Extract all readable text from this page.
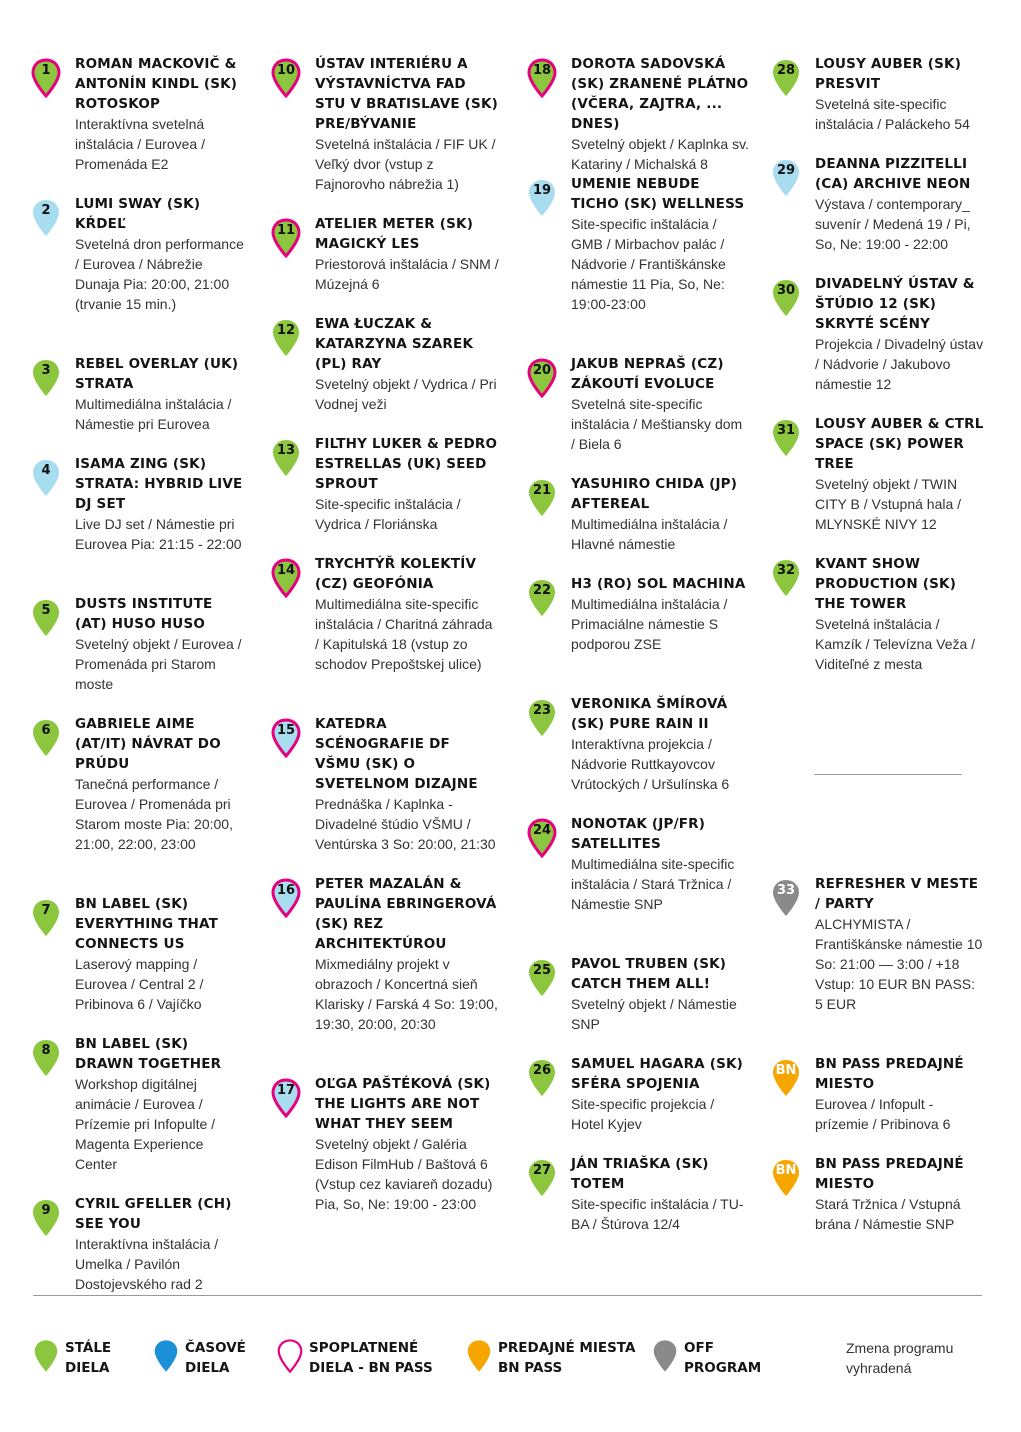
1	ROMAN MACKOVIČ & ANTONÍN KINDL (SK) ROTOSKOP
Interaktívna svetelná inštalácia / Eurovea / Promenáda E2
2	LUMI SWAY (SK) KŔDEĽ
Svetelná dron performance / Eurovea / Nábrežie Dunaja Pia: 20:00, 21:00 (trvanie 15 min.)
3	REBEL OVERLAY (UK) STRATA
Multimediálna inštalácia / Námestie pri Eurovea
4	ISAMA ZING (SK) STRATA: HYBRID LIVE DJ SET
Live DJ set / Námestie pri Eurovea Pia: 21:15 - 22:00
5	DUSTS INSTITUTE (AT) HUSO HUSO
Svetelný objekt / Eurovea / Promenáda pri Starom moste
6	GABRIELE AIME (AT/IT) NÁVRAT DO PRÚDU
Tanečná performance / Eurovea / Promenáda pri Starom moste Pia: 20:00, 21:00, 22:00, 23:00
7	BN LABEL (SK) EVERYTHING THAT CONNECTS US
Laserový mapping / Eurovea / Central 2 / Pribinova 6 / Vajíčko
8	BN LABEL (SK) DRAWN TOGETHER
Workshop digitálnej animácie / Eurovea / Prízemie pri Infopulte / Magenta Experience Center
9	CYRIL GFELLER (CH) SEE YOU
Interaktívna inštalácia / Umelka / Pavilón Dostojevského rad 2
10	ÚSTAV INTERIÉRU A VÝSTAVNÍCTVA FAD STU V BRATISLAVE (SK) PRE/BÝVANIE
Svetelná inštalácia / FIF UK / Veľký dvor (vstup z Fajnorovho nábrežia 1)
11	ATELIER METER (SK) MAGICKÝ LES
Priestorová inštalácia / SNM / Múzejná 6
12	EWA ŁUCZAK & KATARZYNA SZAREK (PL) RAY
Svetelný objekt / Vydrica / Pri Vodnej veži
13	FILTHY LUKER & PEDRO ESTRELLAS (UK) SEED SPROUT
Site-specific inštalácia / Vydrica / Floriánska
14	TRYCHTÝŘ KOLEKTÍV (CZ) GEOFÓNIA
Multimediálna site-specific inštalácia / Charitná záhrada / Kapitulská 18 (vstup zo schodov Prepoštskej ulice)
15	KATEDRA SCÉNOGRAFIE DF VŠMU (SK) O SVETELNOM DIZAJNE
Prednáška / Kaplnka - Divadelné štúdio VŠMU / Ventúrska 3 So: 20:00, 21:30
16	PETER MAZALÁN & PAULÍNA EBRINGEROVÁ (SK) REZ ARCHITEKTÚROU
Mixmediálny projekt v obrazoch / Koncertná sieň Klarisky / Farská 4 So: 19:00, 19:30, 20:00, 20:30
17	OĽGA PAŠTÉKOVÁ (SK) THE LIGHTS ARE NOT WHAT THEY SEEM
Svetelný objekt / Galéria Edison FilmHub / Baštová 6 (Vstup cez kaviareň dozadu) Pia, So, Ne: 19:00 - 23:00
18	DOROTA SADOVSKÁ (SK) ZRANENÉ PLÁTNO (VČERA, ZAJTRA, ... DNES)
Svetelný objekt / Kaplnka sv. Katariny / Michalská 8
19	UMENIE NEBUDE TICHO (SK) WELLNESS
Site-specific inštalácia / GMB / Mirbachov palác / Nádvorie / Františkánske námestie 11 Pia, So, Ne: 19:00-23:00
20	JAKUB NEPRAŠ (CZ) ZÁKOUTÍ EVOLUCE
Svetelná site-specific inštalácia / Meštiansky dom / Biela 6
21	YASUHIRO CHIDA (JP) AFTEREAL
Multimediálna inštalácia / Hlavné námestie
22	H3 (RO) SOL MACHINA
Multimediálna inštalácia / Primaciálne námestie S podporou ZSE
23	VERONIKA ŠMÍROVÁ (SK) PURE RAIN II
Interaktívna projekcia / Nádvorie Ruttkayovcov Vrútockých / Uršulínska 6
24	NONOTAK (JP/FR) SATELLITES
Multimediálna site-specific inštalácia / Stará Tržnica / Námestie SNP
25	PAVOL TRUBEN (SK) CATCH THEM ALL!
Svetelný objekt / Námestie SNP
26	SAMUEL HAGARA (SK) SFÉRA SPOJENIA
Site-specific projekcia / Hotel Kyjev
27	JÁN TRIAŠKA (SK) TOTEM
Site-specific inštalácia / TU-BA / Štúrova 12/4
28	LOUSY AUBER (SK) PRESVIT
Svetelná site-specific inštalácia / Paláckeho 54
29	DEANNA PIZZITELLI (CA) ARCHIVE NEON
Výstava / contemporary_ suvenír / Medená 19 / Pi, So, Ne: 19:00 - 22:00
30	DIVADELNÝ ÚSTAV & ŠTÚDIO 12 (SK) SKRYTÉ SCÉNY
Projekcia / Divadelný ústav / Nádvorie / Jakubovo námestie 12
31	LOUSY AUBER & CTRL SPACE (SK) POWER TREE
Svetelný objekt / TWIN CITY B / Vstupná hala / MLYNSKÉ NIVY 12
32	KVANT SHOW PRODUCTION (SK) THE TOWER
Svetelná inštalácia / Kamzík / Televízna Veža / Viditeľné z mesta
33	REFRESHER V MESTE / PARTY
ALCHYMISTA / Františkánske námestie 10 So: 21:00 — 3:00 / +18 Vstup: 10 EUR BN PASS: 5 EUR
BN	BN PASS PREDAJNÉ MIESTO
Eurovea / Infopult - prízemie / Pribinova 6
BN	BN PASS PREDAJNÉ MIESTO
Stará Tržnica / Vstupná brána / Námestie SNP
STÁLE DIELA
ČASOVÉ DIELA
SPOPLATNENÉ DIELA - BN PASS
PREDAJNÉ MIESTA BN PASS
OFF PROGRAM
Zmena programu vyhradená
